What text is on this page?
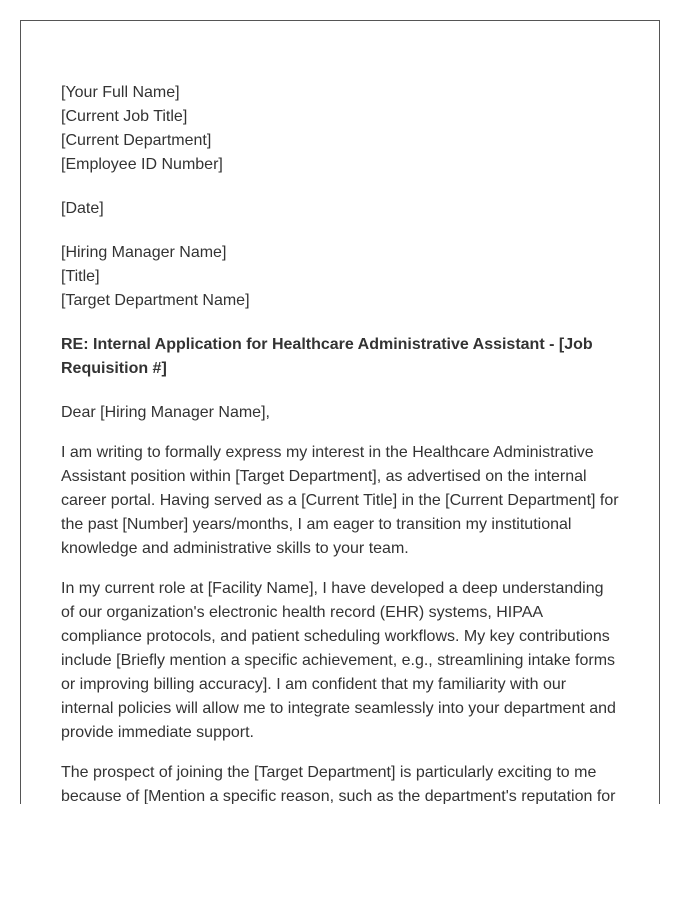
[Your Full Name]
[Current Job Title]
[Current Department]
[Employee ID Number]
[Date]
[Hiring Manager Name]
[Title]
[Target Department Name]

RE: Internal Application for Healthcare Administrative Assistant - [Job Requisition #]

Dear [Hiring Manager Name],

I am writing to formally express my interest in the Healthcare Administrative Assistant position within [Target Department], as advertised on the internal career portal. Having served as a [Current Title] in the [Current Department] for the past [Number] years/months, I am eager to transition my institutional knowledge and administrative skills to your team.

In my current role at [Facility Name], I have developed a deep understanding of our organization's electronic health record (EHR) systems, HIPAA compliance protocols, and patient scheduling workflows. My key contributions include [Briefly mention a specific achievement, e.g., streamlining intake forms or improving billing accuracy]. I am confident that my familiarity with our internal policies will allow me to integrate seamlessly into your department and provide immediate support.

The prospect of joining the [Target Department] is particularly exciting to me because of [Mention a specific reason, such as the department's reputation for
